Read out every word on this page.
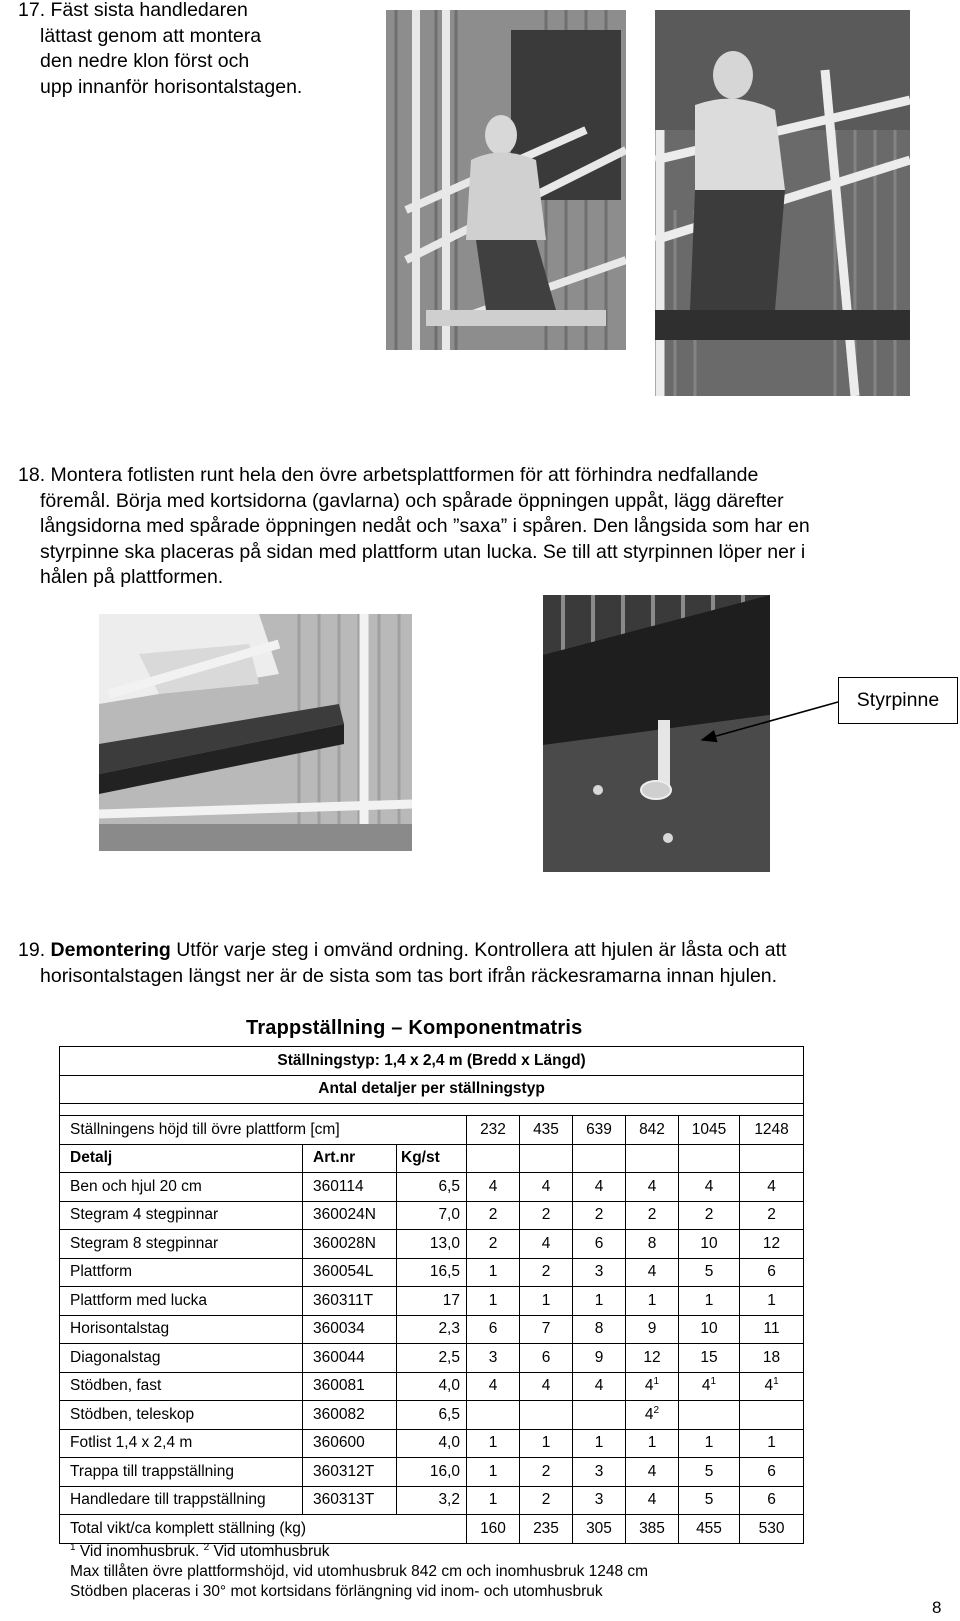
17. Fäst sista handledaren
lättast genom att montera
den nedre klon först och
upp innanför horisontalstagen.
18. Montera fotlisten runt hela den övre arbetsplattformen för att förhindra nedfallande
föremål. Börja med kortsidorna (gavlarna) och spårade öppningen uppåt, lägg därefter
långsidorna med spårade öppningen nedåt och ”saxa” i spåren. Den långsida som har en
styrpinne ska placeras på sidan med plattform utan lucka. Se till att styrpinnen löper ner i
hålen på plattformen.
Styrpinne
19. Demontering Utför varje steg i omvänd ordning. Kontrollera att hjulen är låsta och att
horisontalstagen längst ner är de sista som tas bort ifrån räckesramarna innan hjulen.
Trappställning – Komponentmatris
Ställningstyp: 1,4 x 2,4 m (Bredd x Längd)								
Antal detaljer per ställningstyp								

Ställningens höjd till övre plattform [cm]			232	435	639	842	1045	1248
Detalj	Art.nr	Kg/st						
Ben och hjul 20 cm	360114	6,5	4	4	4	4	4	4
Stegram 4 stegpinnar	360024N	7,0	2	2	2	2	2	2
Stegram 8 stegpinnar	360028N	13,0	2	4	6	8	10	12
Plattform	360054L	16,5	1	2	3	4	5	6
Plattform med lucka	360311T	17	1	1	1	1	1	1
Horisontalstag	360034	2,3	6	7	8	9	10	11
Diagonalstag	360044	2,5	3	6	9	12	15	18
Stödben, fast	360081	4,0	4	4	4	$4^1$	$4^1$	$4^1$
Stödben, teleskop	360082	6,5				$4^2$		
Fotlist 1,4 x 2,4 m	360600	4,0	1	1	1	1	1	1
Trappa till trappställning	360312T	16,0	1	2	3	4	5	6
Handledare till trappställning	360313T	3,2	1	2	3	4	5	6
Total vikt/ca komplett ställning (kg)			160	235	305	385	455	530
$^1$ Vid inomhusbruk. $^2$ Vid utomhusbruk
Max tillåten övre plattformshöjd, vid utomhusbruk 842 cm och inomhusbruk 1248 cm
Stödben placeras i 30° mot kortsidans förlängning vid inom- och utomhusbruk
8
